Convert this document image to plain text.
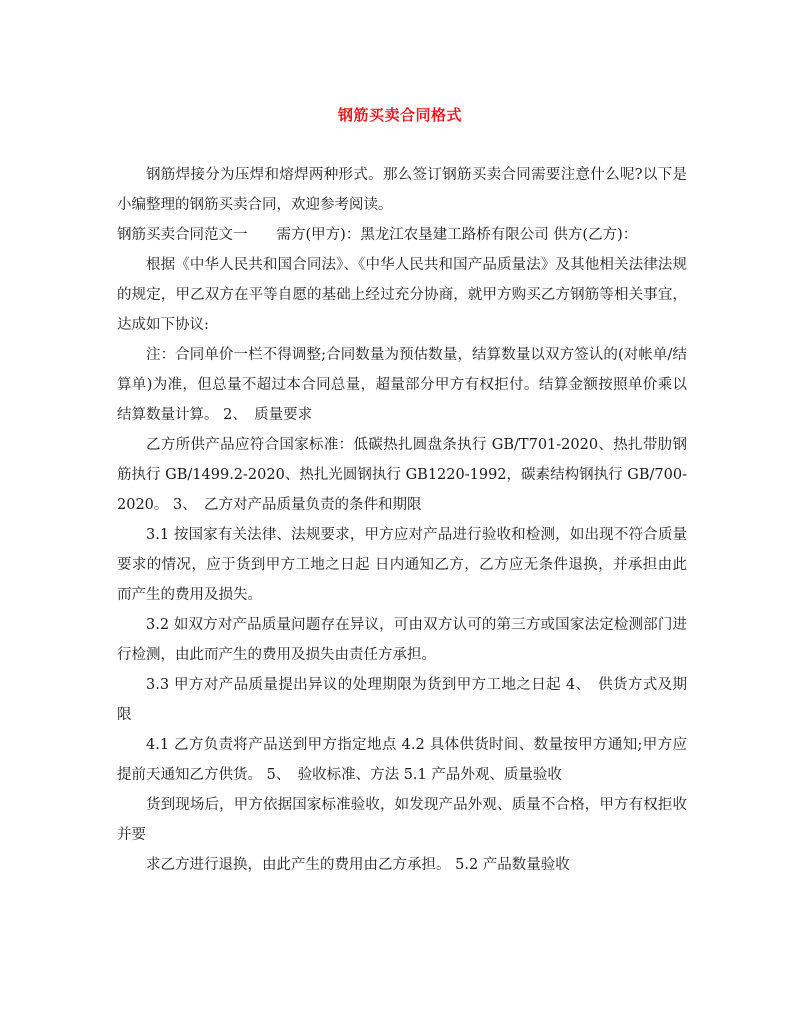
钢筋买卖合同格式

钢筋焊接分为压焊和熔焊两种形式。那么签订钢筋买卖合同需要注意什么呢?以下是小编整理的钢筋买卖合同，欢迎参考阅读。

钢筋买卖合同范文一　　需方(甲方)：黑龙江农垦建工路桥有限公司 供方(乙方)：

根据《中华人民共和国合同法》、《中华人民共和国产品质量法》及其他相关法律法规的规定，甲乙双方在平等自愿的基础上经过充分协商，就甲方购买乙方钢筋等相关事宜，达成如下协议:

注：合同单价一栏不得调整;合同数量为预估数量，结算数量以双方签认的(对帐单/结算单)为准，但总量不超过本合同总量，超量部分甲方有权拒付。结算金额按照单价乘以结算数量计算。 2、　质量要求

乙方所供产品应符合国家标准：低碳热扎圆盘条执行 GB/T701-2020、热扎带肋钢筋执行 GB/1499.2-2020、热扎光圆钢执行 GB1220-1992，碳素结构钢执行 GB/700-2020。 3、　乙方对产品质量负责的条件和期限

3.1 按国家有关法律、法规要求，甲方应对产品进行验收和检测，如出现不符合质量要求的情况，应于货到甲方工地之日起 日内通知乙方，乙方应无条件退换，并承担由此而产生的费用及损失。

3.2 如双方对产品质量问题存在异议，可由双方认可的第三方或国家法定检测部门进行检测，由此而产生的费用及损失由责任方承担。

3.3 甲方对产品质量提出异议的处理期限为货到甲方工地之日起 4、　供货方式及期限

4.1 乙方负责将产品送到甲方指定地点 4.2 具体供货时间、数量按甲方通知;甲方应提前天通知乙方供货。 5、　验收标准、方法 5.1 产品外观、质量验收

货到现场后，甲方依据国家标准验收，如发现产品外观、质量不合格，甲方有权拒收并要

求乙方进行退换，由此产生的费用由乙方承担。 5.2 产品数量验收
